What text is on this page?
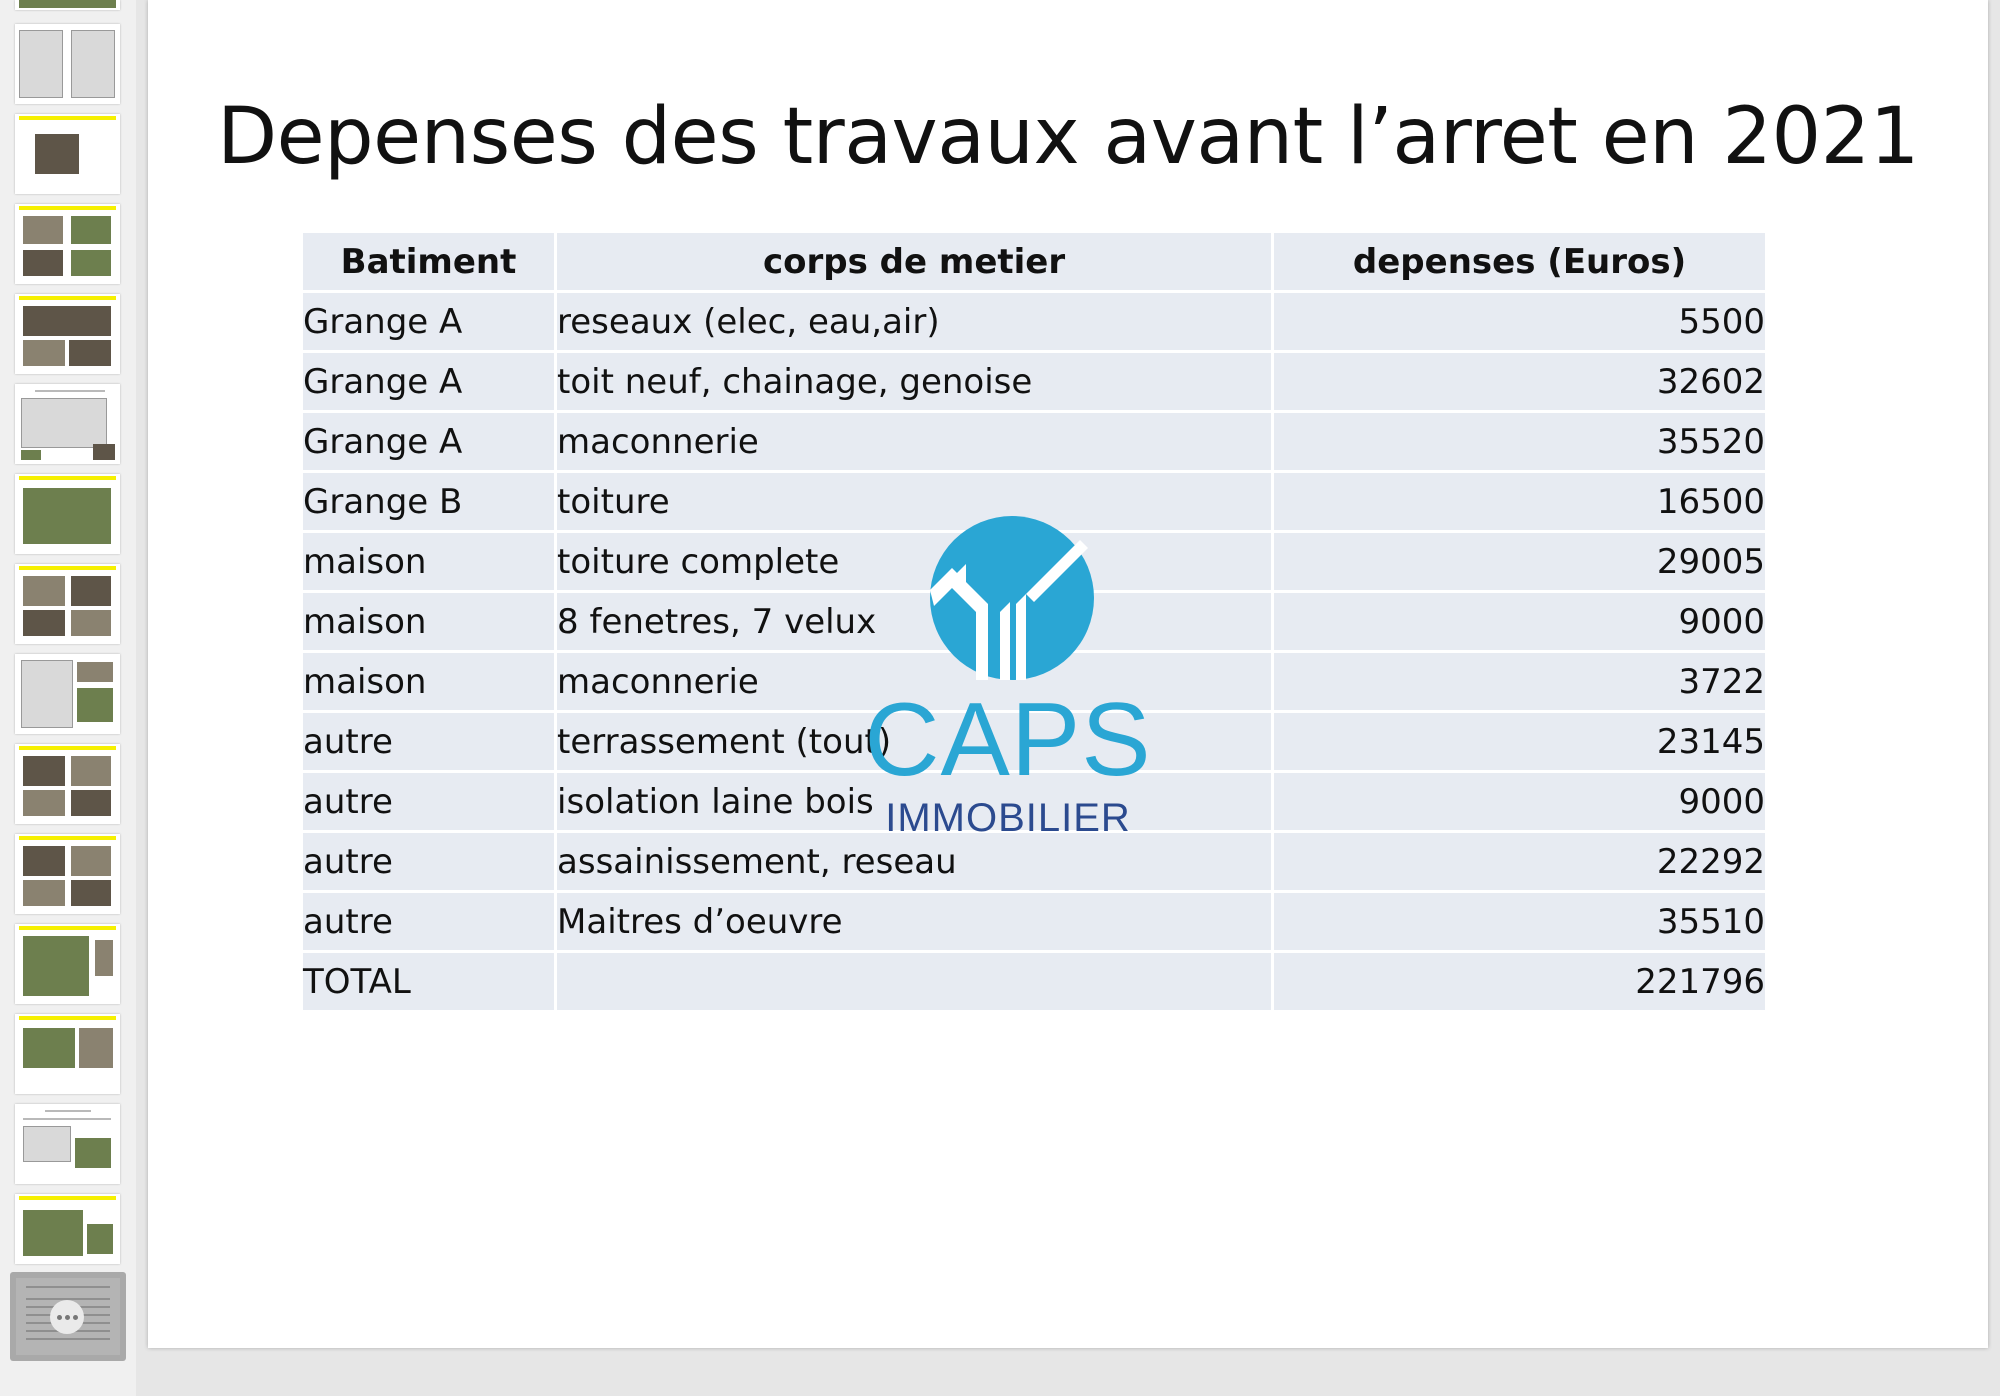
Depenses des travaux avant l’arret en 2021
Batiment	corps de metier	depenses (Euros)
Grange A	reseaux (elec, eau,air)	5500
Grange A	toit neuf, chainage, genoise	32602
Grange A	maconnerie	35520
Grange B	toiture	16500
maison	toiture complete	29005
maison	8 fenetres, 7 velux	9000
maison	maconnerie	3722
autre	terrassement (tout)	23145
autre	isolation laine bois	9000
autre	assainissement, reseau	22292
autre	Maitres d’oeuvre	35510
TOTAL		221796
CAPS
IMMOBILIER
